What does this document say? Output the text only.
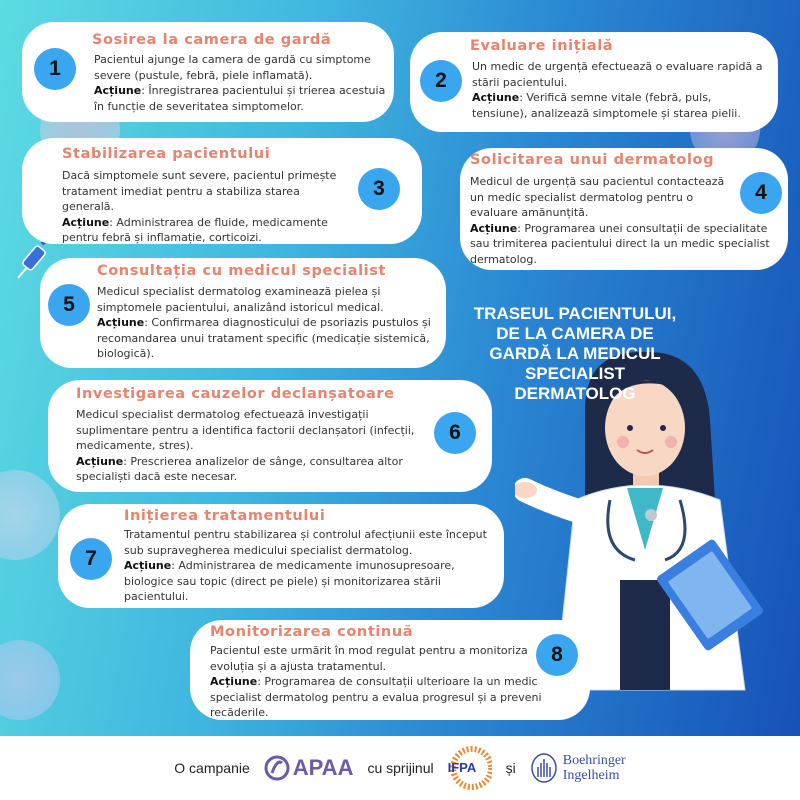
1
Sosirea la camera de gardă
Pacientul ajunge la camera de gardă cu simptome severe (pustule, febră, piele inflamată).
Acțiune: Înregistrarea pacientului și trierea acestuia în funcție de severitatea simptomelor.
2
Evaluare inițială
Un medic de urgență efectuează o evaluare rapidă a stării pacientului.
Acțiune: Verifică semne vitale (febră, puls, tensiune), analizează simptomele și starea pielii.
3
Stabilizarea pacientului
Dacă simptomele sunt severe, pacientul primește tratament imediat pentru a stabiliza starea generală.
Acțiune: Administrarea de fluide, medicamente pentru febră și inflamație, corticoizi.
4
Solicitarea unui dermatolog
Medicul de urgență sau pacientul contactează un medic specialist dermatolog pentru o evaluare amănunțită.
Acțiune: Programarea unei consultații de specialitate sau trimiterea pacientului direct la un medic specialist dermatolog.
5
Consultația cu medicul specialist
Medicul specialist dermatolog examinează pielea și simptomele pacientului, analizând istoricul medical.
Acțiune: Confirmarea diagnosticului de psoriazis pustulos și recomandarea unui tratament specific (medicație sistemică, biologică).
6
Investigarea cauzelor declanșatoare
Medicul specialist dermatolog efectuează investigații suplimentare pentru a identifica factorii declanșatori (infecții, medicamente, stres).
Acțiune: Prescrierea analizelor de sânge, consultarea altor specialiști dacă este necesar.
7
Inițierea tratamentului
Tratamentul pentru stabilizarea și controlul afecțiunii este început sub supravegherea medicului specialist dermatolog.
Acțiune: Administrarea de medicamente imunosupresoare, biologice sau topic (direct pe piele) și monitorizarea stării pacientului.
8
Monitorizarea continuă
Pacientul este urmărit în mod regulat pentru a monitoriza evoluția și a ajusta tratamentul.
Acțiune: Programarea de consultații ulterioare la un medic specialist dermatolog pentru a evalua progresul și a preveni recăderile.
TRASEUL PACIENTULUI, DE LA CAMERA DE GARDĂ LA MEDICUL SPECIALIST DERMATOLOG
O campanie APAA cu sprijinul IFPA și	Boehringer
Ingelheim
